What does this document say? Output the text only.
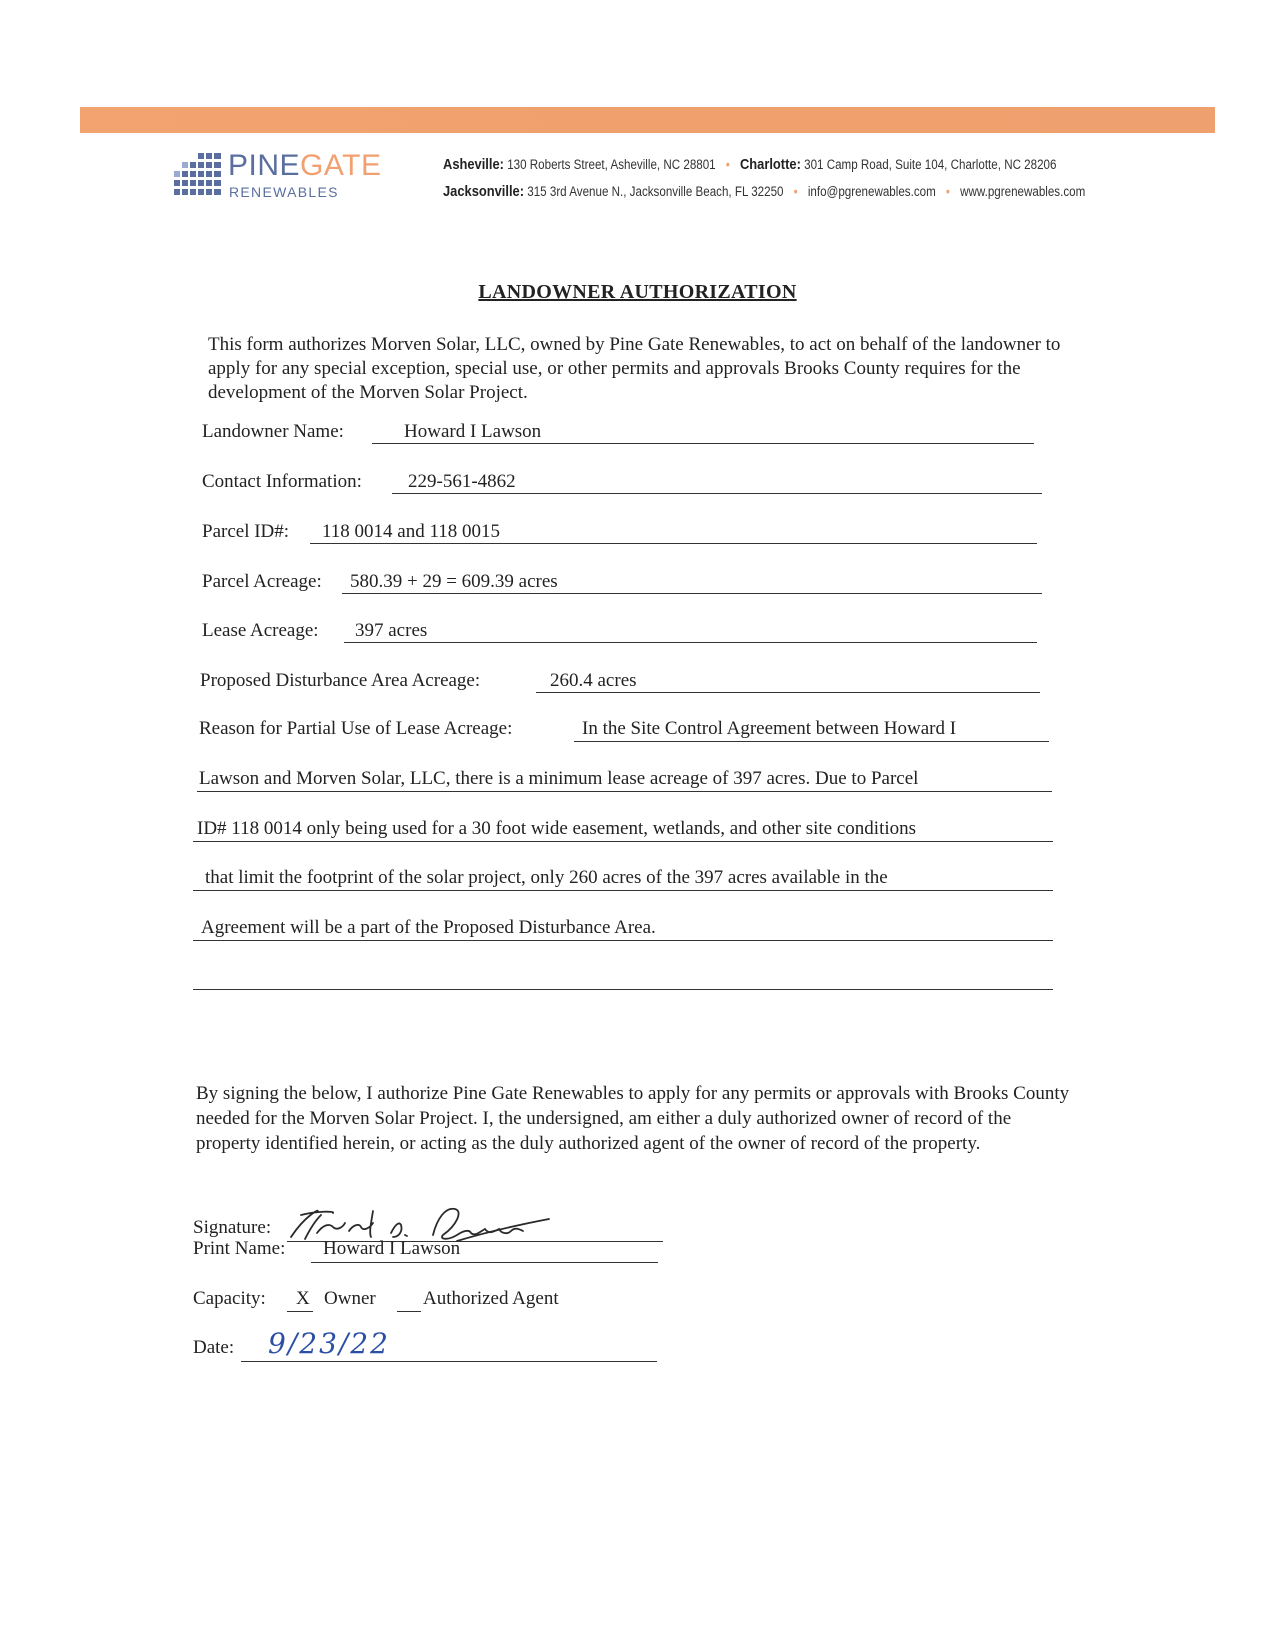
PINEGATE
RENEWABLES
Asheville: 130 Roberts Street, Asheville, NC 28801 • Charlotte: 301 Camp Road, Suite 104, Charlotte, NC 28206
Jacksonville: 315 3rd Avenue N., Jacksonville Beach, FL 32250 • info@pgrenewables.com • www.pgrenewables.com
LANDOWNER AUTHORIZATION
This form authorizes Morven Solar, LLC, owned by Pine Gate Renewables, to act on behalf of the landowner to apply for any special exception, special use, or other permits and approvals Brooks County requires for the development of the Morven Solar Project.
Landowner Name:	Howard I Lawson
Contact Information: 229-561-4862
Parcel ID#: 118 0014 and 118 0015
Parcel Acreage: 580.39 + 29 = 609.39 acres
Lease Acreage: 397 acres
Proposed Disturbance Area Acreage:	260.4 acres
Reason for Partial Use of Lease Acreage:	In the Site Control Agreement between Howard I
Lawson and Morven Solar, LLC, there is a minimum lease acreage of 397 acres. Due to Parcel
ID# 118 0014 only being used for a 30 foot wide easement, wetlands, and other site conditions
that limit the footprint of the solar project, only 260 acres of the 397 acres available in the
Agreement will be a part of the Proposed Disturbance Area.
By signing the below, I authorize Pine Gate Renewables to apply for any permits or approvals with Brooks County needed for the Morven Solar Project. I, the undersigned, am either a duly authorized owner of record of the property identified herein, or acting as the duly authorized agent of the owner of record of the property.
Signature:
Print Name: Howard I Lawson
Capacity: X Owner Authorized Agent
Date: 9/23/22
